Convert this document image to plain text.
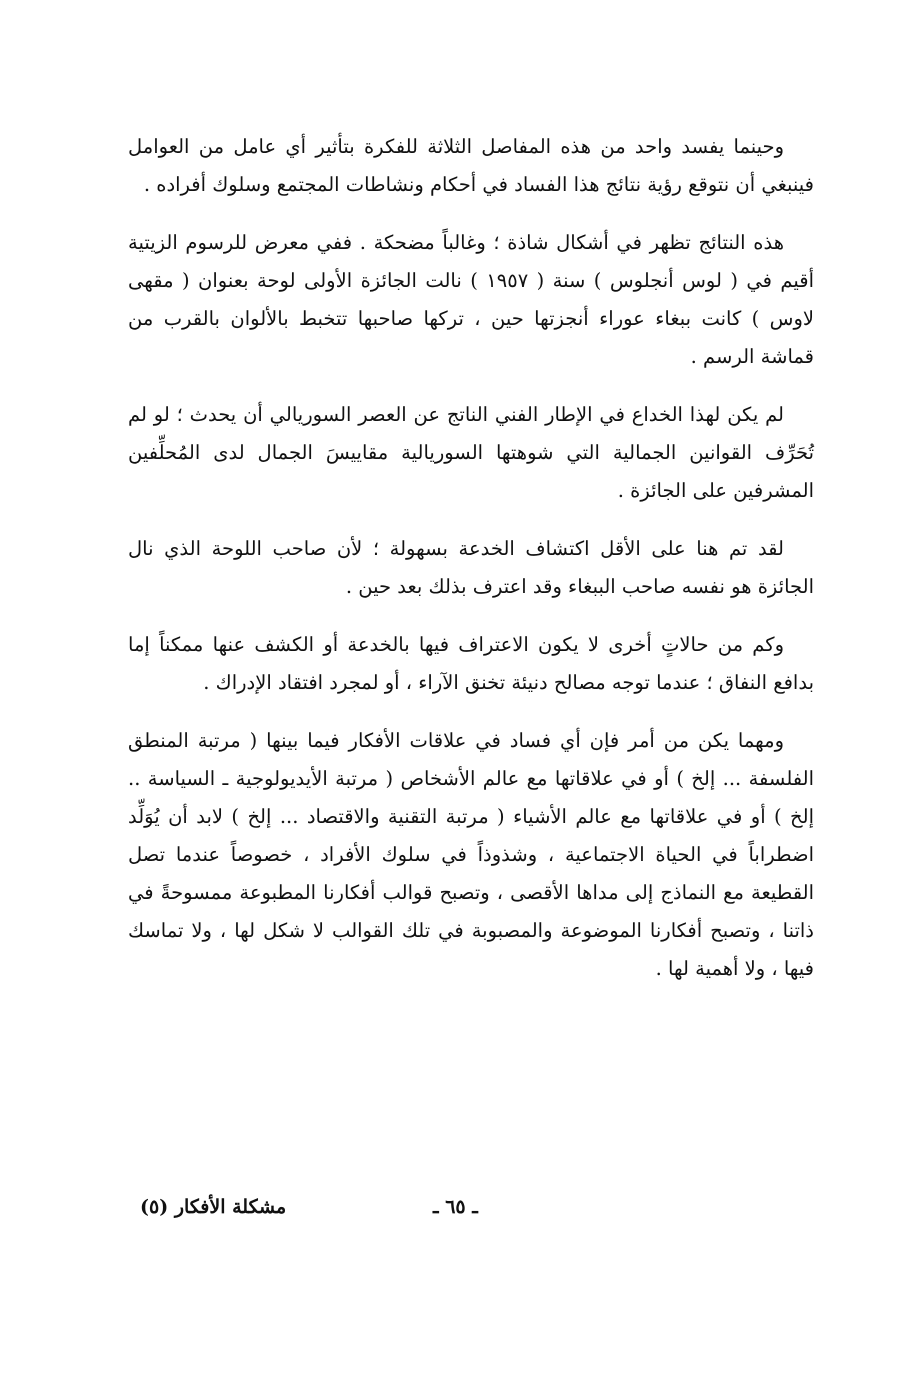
وحينما يفسد واحد من هذه المفاصل الثلاثة للفكرة بتأثير أي عامل من العوامل فينبغي أن نتوقع رؤية نتائج هذا الفساد في أحكام ونشاطات المجتمع وسلوك أفراده .

هذه النتائج تظهر في أشكال شاذة ؛ وغالباً مضحكة . ففي معرض للرسوم الزيتية أقيم في ( لوس أنجلوس ) سنة ( ١٩٥٧ ) نالت الجائزة الأولى لوحة بعنوان ( مقهى لاوس ) كانت ببغاء عوراء أنجزتها حين ، تركها صاحبها تتخبط بالألوان بالقرب من قماشة الرسم .

لم يكن لهذا الخداع في الإطار الفني الناتج عن العصر السوريالي أن يحدث ؛ لو لم تُحَرِّف القوانين الجمالية التي شوهتها السوريالية مقاييسَ الجمال لدى المُحلِّفين المشرفين على الجائزة .

لقد تم هنا على الأقل اكتشاف الخدعة بسهولة ؛ لأن صاحب اللوحة الذي نال الجائزة هو نفسه صاحب الببغاء وقد اعترف بذلك بعد حين .

وكم من حالاتٍ أخرى لا يكون الاعتراف فيها بالخدعة أو الكشف عنها ممكناً إما بدافع النفاق ؛ عندما توجه مصالح دنيئة تخنق الآراء ، أو لمجرد افتقاد الإدراك .

ومهما يكن من أمر فإن أي فساد في علاقات الأفكار فيما بينها ( مرتبة المنطق الفلسفة ... إلخ ) أو في علاقاتها مع عالم الأشخاص ( مرتبة الأيديولوجية ـ السياسة .. إلخ ) أو في علاقاتها مع عالم الأشياء ( مرتبة التقنية والاقتصاد ... إلخ ) لابد أن يُوَلِّد اضطراباً في الحياة الاجتماعية ، وشذوذاً في سلوك الأفراد ، خصوصاً عندما تصل القطيعة مع النماذج إلى مداها الأقصى ، وتصبح قوالب أفكارنا المطبوعة ممسوحةً في ذاتنا ، وتصبح أفكارنا الموضوعة والمصبوبة في تلك القوالب لا شكل لها ، ولا تماسك فيها ، ولا أهمية لها .

ـ ٦٥ ـ
مشكلة الأفكار (٥)
